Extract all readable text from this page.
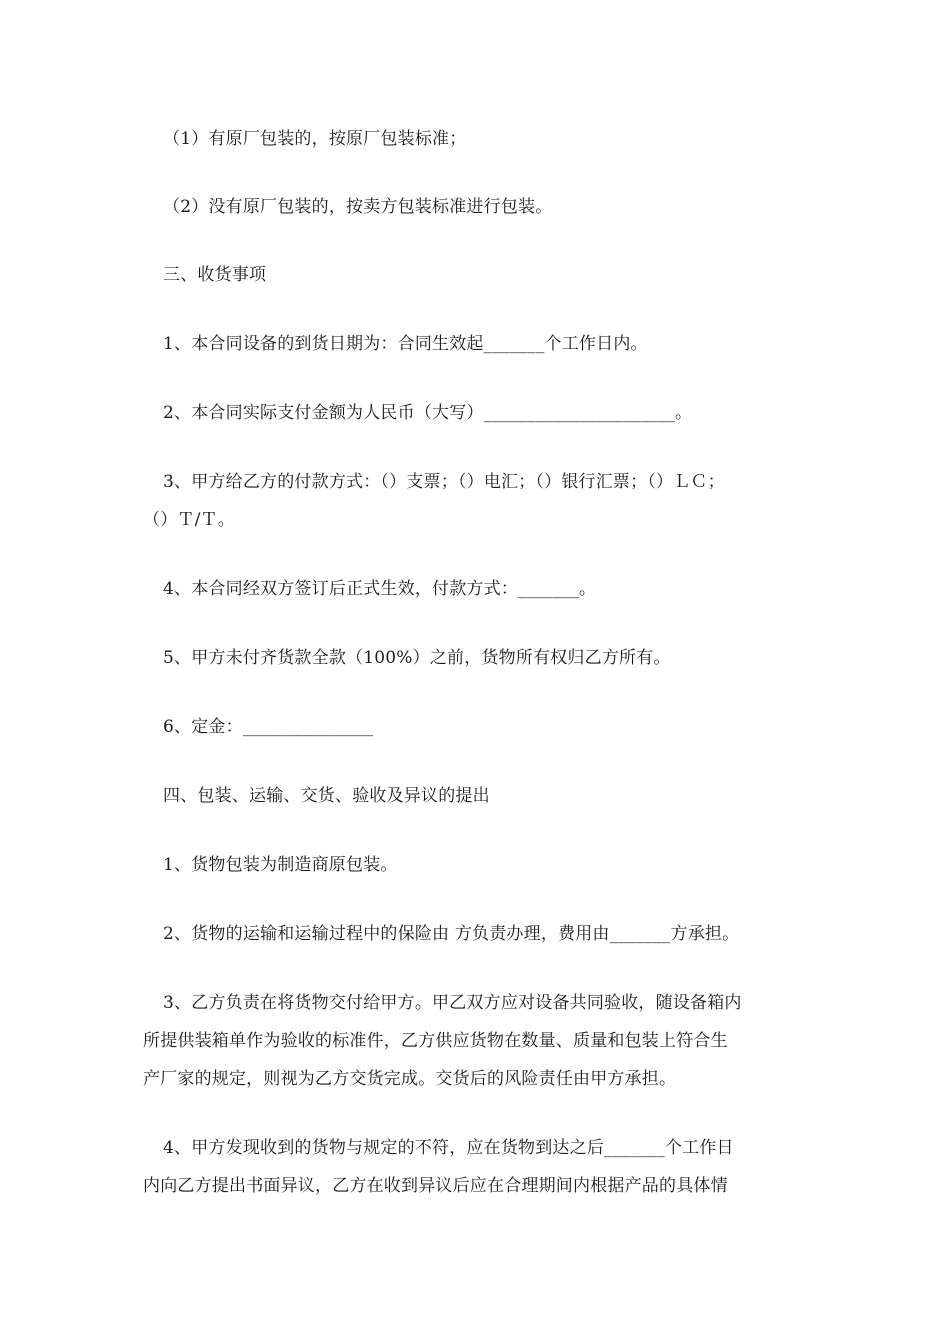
（1）有原厂包装的，按原厂包装标准；
（2）没有原厂包装的，按卖方包装标准进行包装。
三、收货事项
1、本合同设备的到货日期为：合同生效起_______个工作日内。
2、本合同实际支付金额为人民币（大写）______________________。
3、甲方给乙方的付款方式：（）支票；（）电汇；（）银行汇票；（）ＬＣ；
（）Ｔ/Ｔ。
4、本合同经双方签订后正式生效，付款方式：_______。
5、甲方未付齐货款全款（100%）之前，货物所有权归乙方所有。
6、定金：_______________
四、包装、运输、交货、验收及异议的提出
1、货物包装为制造商原包装。
2、货物的运输和运输过程中的保险由 方负责办理，费用由_______方承担。
3、乙方负责在将货物交付给甲方。甲乙双方应对设备共同验收，随设备箱内
所提供装箱单作为验收的标准件，乙方供应货物在数量、质量和包装上符合生
产厂家的规定，则视为乙方交货完成。交货后的风险责任由甲方承担。
4、甲方发现收到的货物与规定的不符，应在货物到达之后_______个工作日
内向乙方提出书面异议，乙方在收到异议后应在合理期间内根据产品的具体情
